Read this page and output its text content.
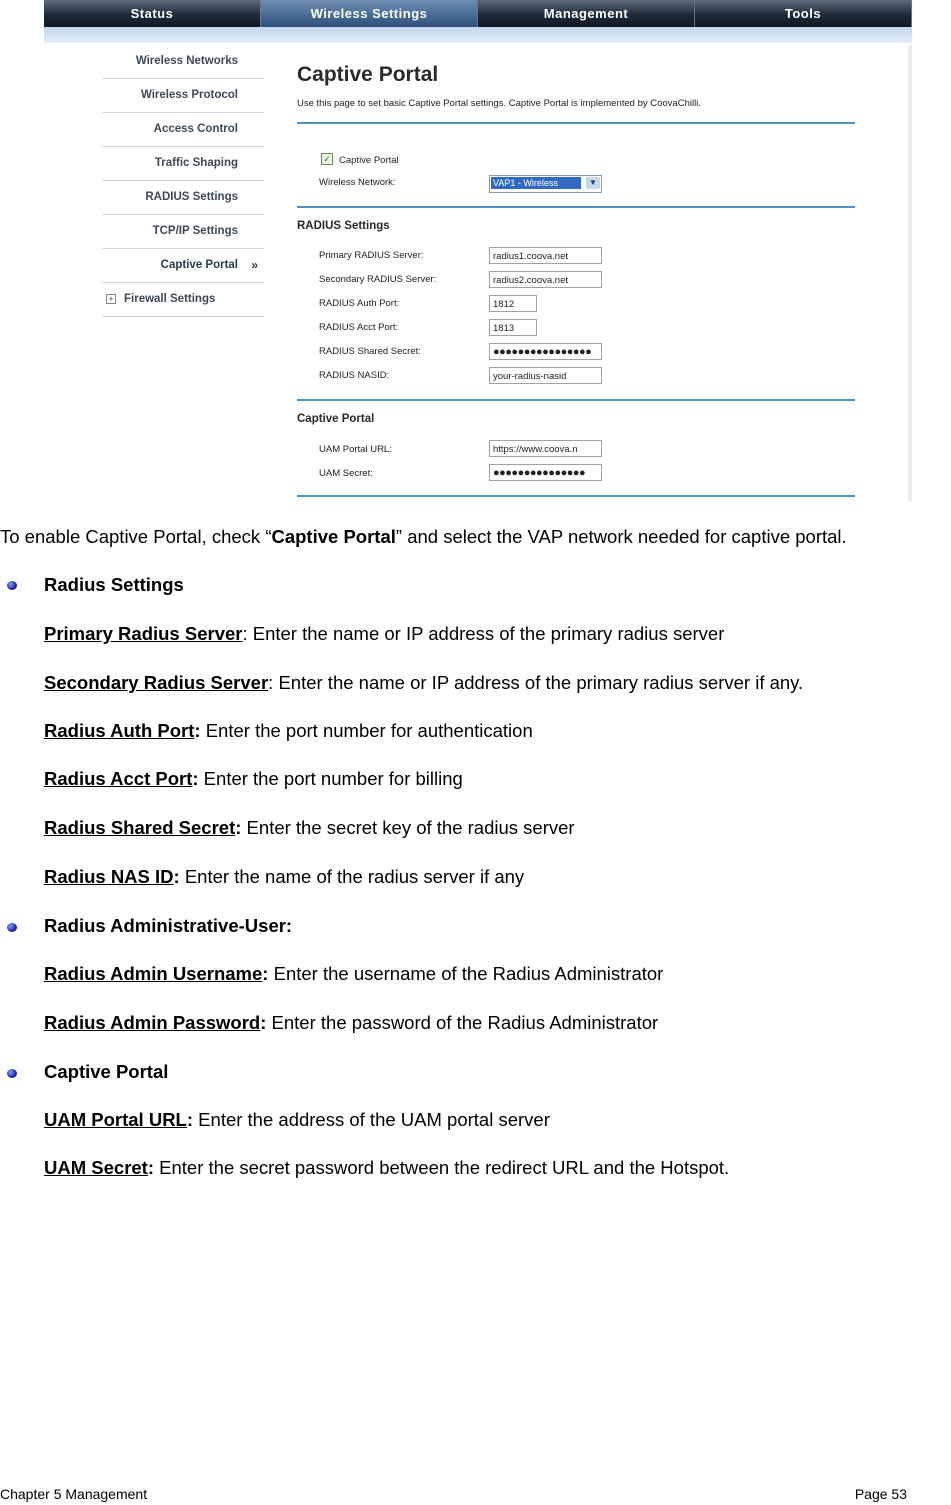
Status	Wireless Settings	Management	Tools
Wireless Networks
Wireless Protocol
Access Control
Traffic Shaping
RADIUS Settings
TCP/IP Settings
Captive Portal »
+ Firewall Settings
Captive Portal
Use this page to set basic Captive Portal settings. Captive Portal is implemented by CoovaChilli.
✓ Captive Portal
Wireless Network:	VAP1 - Wireless	▼
RADIUS Settings
Primary RADIUS Server:	radius1.coova.net
Secondary RADIUS Server:	radius2.coova.net
RADIUS Auth Port:	1812
RADIUS Acct Port:	1813
RADIUS Shared Secret:	●●●●●●●●●●●●●●●●
RADIUS NASID:	your-radius-nasid
Captive Portal
UAM Portal URL:	https://www.coova.n
UAM Secret:	●●●●●●●●●●●●●●●
To enable Captive Portal, check “Captive Portal” and select the VAP network needed for captive portal.
Radius Settings
Primary Radius Server: Enter the name or IP address of the primary radius server
Secondary Radius Server: Enter the name or IP address of the primary radius server if any.
Radius Auth Port: Enter the port number for authentication
Radius Acct Port: Enter the port number for billing
Radius Shared Secret: Enter the secret key of the radius server
Radius NAS ID: Enter the name of the radius server if any
Radius Administrative-User:
Radius Admin Username: Enter the username of the Radius Administrator
Radius Admin Password: Enter the password of the Radius Administrator
Captive Portal
UAM Portal URL: Enter the address of the UAM portal server
UAM Secret: Enter the secret password between the redirect URL and the Hotspot.
Chapter 5 Management	Page 53
